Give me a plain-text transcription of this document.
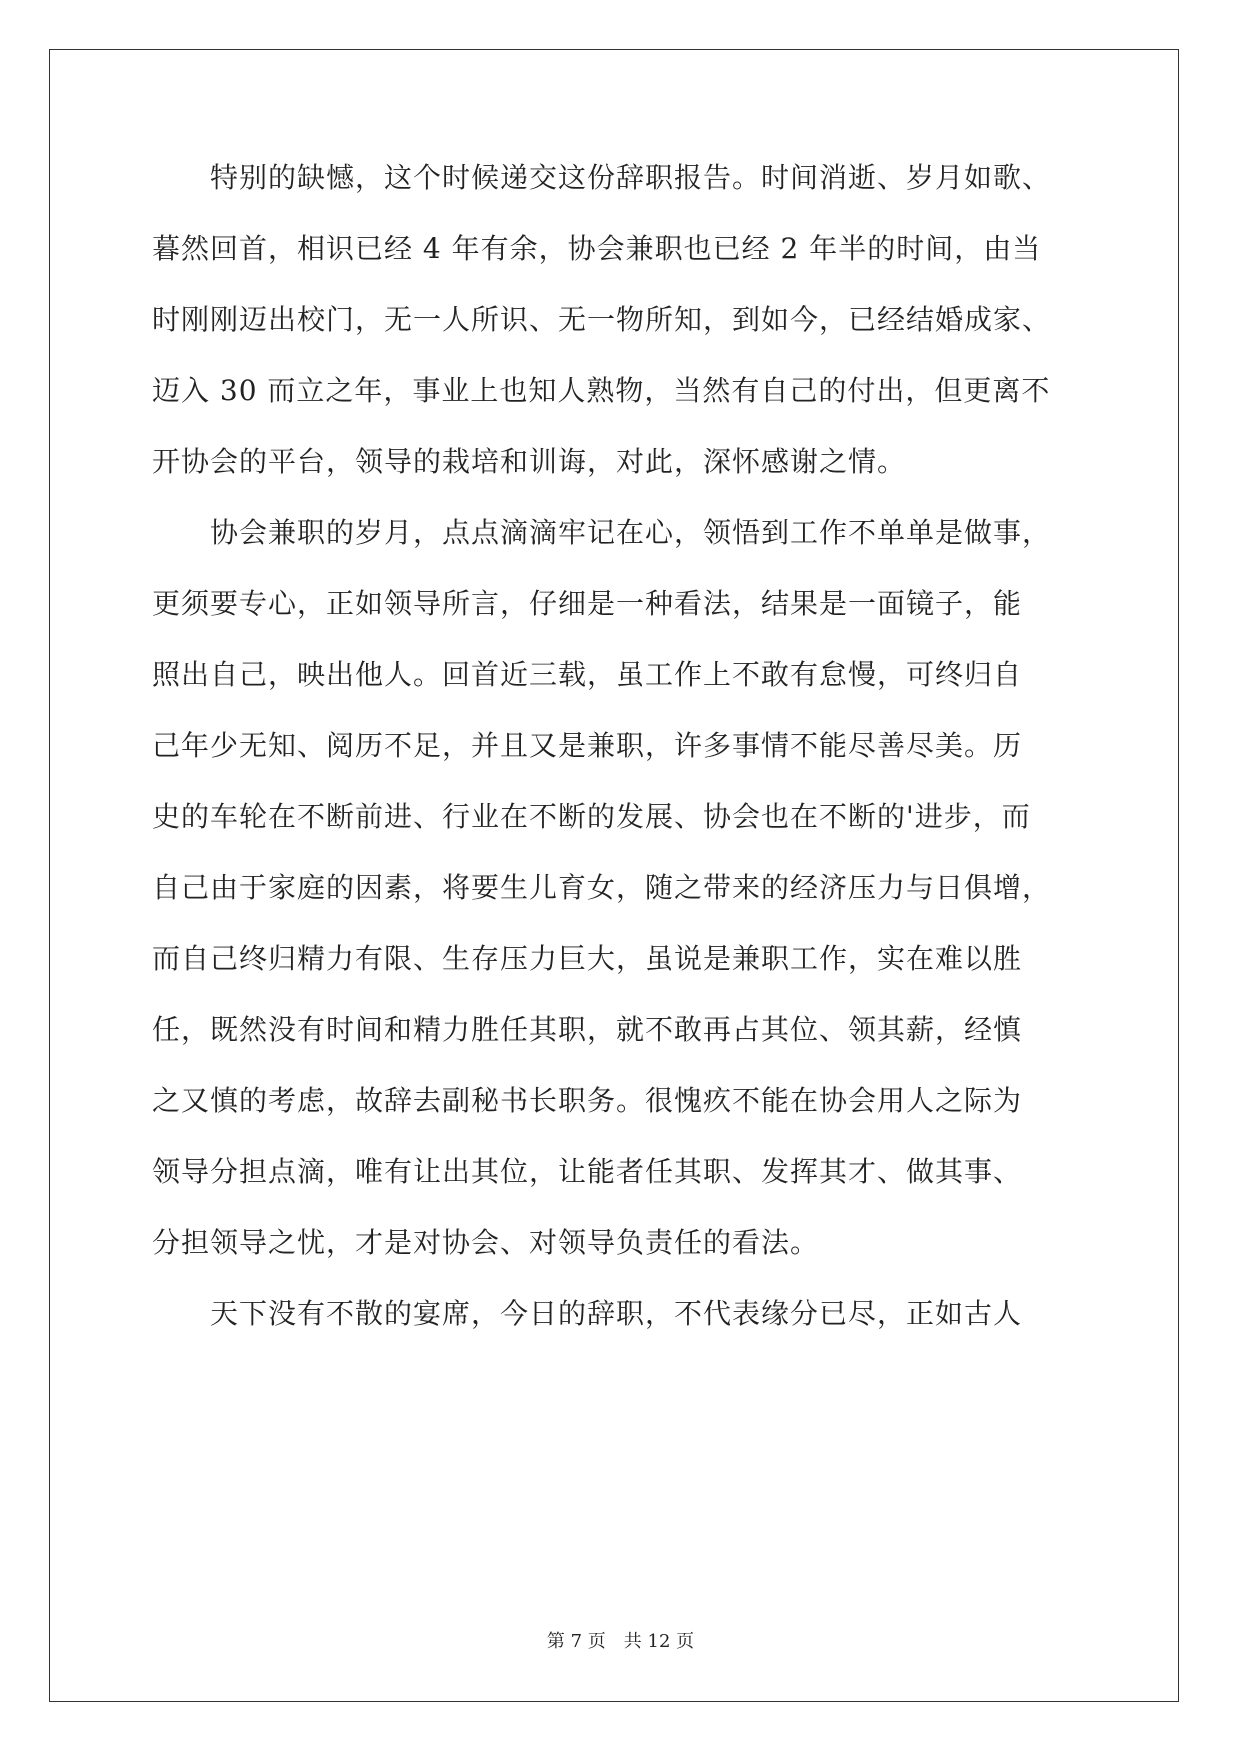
　　特别的缺憾，这个时候递交这份辞职报告。时间消逝、岁月如歌、
暮然回首，相识已经 4 年有余，协会兼职也已经 2 年半的时间，由当
时刚刚迈出校门，无一人所识、无一物所知，到如今，已经结婚成家、
迈入 30 而立之年，事业上也知人熟物，当然有自己的付出，但更离不
开协会的平台，领导的栽培和训诲，对此，深怀感谢之情。
　　协会兼职的岁月，点点滴滴牢记在心，领悟到工作不单单是做事，
更须要专心，正如领导所言，仔细是一种看法，结果是一面镜子，能
照出自己，映出他人。回首近三载，虽工作上不敢有怠慢，可终归自
己年少无知、阅历不足，并且又是兼职，许多事情不能尽善尽美。历
史的车轮在不断前进、行业在不断的发展、协会也在不断的'进步，而
自己由于家庭的因素，将要生儿育女，随之带来的经济压力与日俱增，
而自己终归精力有限、生存压力巨大，虽说是兼职工作，实在难以胜
任，既然没有时间和精力胜任其职，就不敢再占其位、领其薪，经慎
之又慎的考虑，故辞去副秘书长职务。很愧疚不能在协会用人之际为
领导分担点滴，唯有让出其位，让能者任其职、发挥其才、做其事、
分担领导之忧，才是对协会、对领导负责任的看法。
　　天下没有不散的宴席，今日的辞职，不代表缘分已尽，正如古人
第 7 页　共 12 页
